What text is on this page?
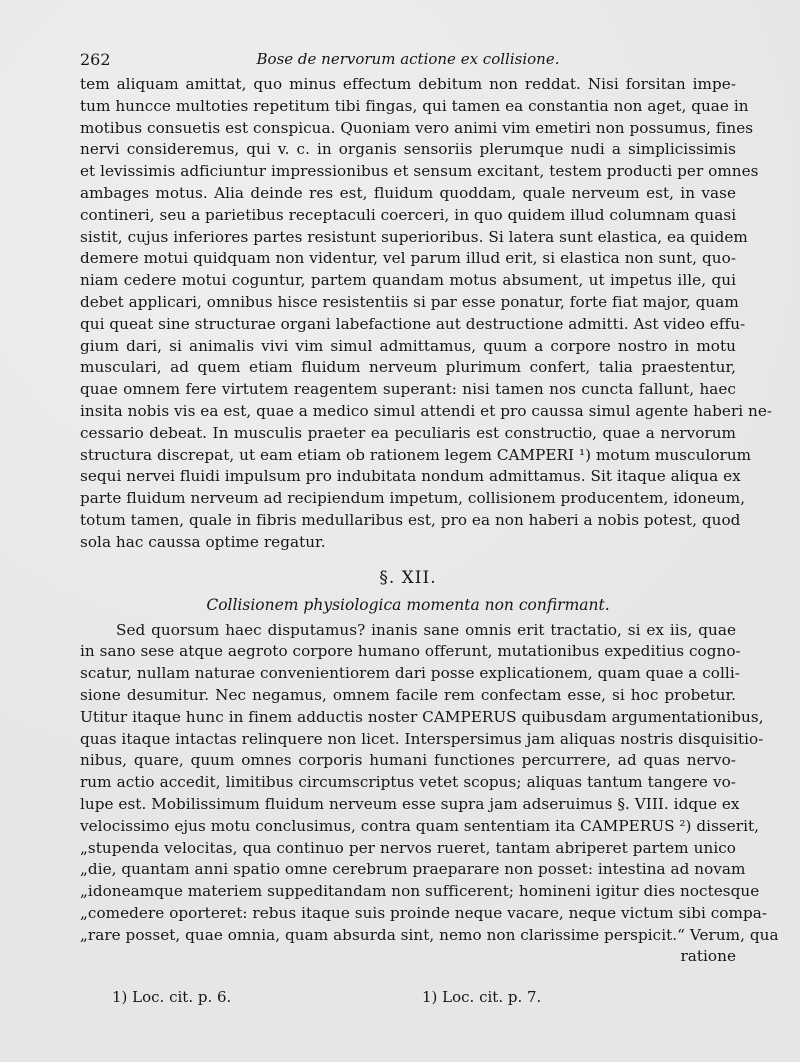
262	Bose de nervorum actione ex collisione.
tem aliquam amittat, quo minus effectum debitum non reddat. Nisi forsitan impe-
tum huncce multoties repetitum tibi fingas, qui tamen ea constantia non aget, quae in
motibus consuetis est conspicua. Quoniam vero animi vim emetiri non possumus, fines
nervi consideremus, qui v. c. in organis sensoriis plerumque nudi a simplicissimis
et levissimis adficiuntur impressionibus et sensum excitant, testem producti per omnes
ambages motus. Alia deinde res est, fluidum quoddam, quale nerveum est, in vase
contineri, seu a parietibus receptaculi coerceri, in quo quidem illud columnam quasi
sistit, cujus inferiores partes resistunt superioribus. Si latera sunt elastica, ea quidem
demere motui quidquam non videntur, vel parum illud erit, si elastica non sunt, quo-
niam cedere motui coguntur, partem quandam motus absument, ut impetus ille, qui
debet applicari, omnibus hisce resistentiis si par esse ponatur, forte fiat major, quam
qui queat sine structurae organi labefactione aut destructione admitti. Ast video effu-
gium dari, si animalis vivi vim simul admittamus, quum a corpore nostro in motu
musculari, ad quem etiam fluidum nerveum plurimum confert, talia praestentur,
quae omnem fere virtutem reagentem superant: nisi tamen nos cuncta fallunt, haec
insita nobis vis ea est, quae a medico simul attendi et pro caussa simul agente haberi ne-
cessario debeat. In musculis praeter ea peculiaris est constructio, quae a nervorum
structura discrepat, ut eam etiam ob rationem legem CAMPERI ¹) motum musculorum
sequi nervei fluidi impulsum pro indubitata nondum admittamus. Sit itaque aliqua ex
parte fluidum nerveum ad recipiendum impetum, collisionem producentem, idoneum,
totum tamen, quale in fibris medullaribus est, pro ea non haberi a nobis potest, quod
sola hac caussa optime regatur.
§. XII.
Collisionem physiologica momenta non confirmant.
Sed quorsum haec disputamus? inanis sane omnis erit tractatio, si ex iis, quae
in sano sese atque aegroto corpore humano offerunt, mutationibus expeditius cogno-
scatur, nullam naturae convenientiorem dari posse explicationem, quam quae a colli-
sione desumitur. Nec negamus, omnem facile rem confectam esse, si hoc probetur.
Utitur itaque hunc in finem adductis noster CAMPERUS quibusdam argumentationibus,
quas itaque intactas relinquere non licet. Interspersimus jam aliquas nostris disquisitio-
nibus, quare, quum omnes corporis humani functiones percurrere, ad quas nervo-
rum actio accedit, limitibus circumscriptus vetet scopus; aliquas tantum tangere vo-
lupe est. Mobilissimum fluidum nerveum esse supra jam adseruimus §. VIII. idque ex
velocissimo ejus motu conclusimus, contra quam sententiam ita CAMPERUS ²) disserit,
„stupenda velocitas, qua continuo per nervos rueret, tantam abriperet partem unico
„die, quantam anni spatio omne cerebrum praeparare non posset: intestina ad novam
„idoneamque materiem suppeditandam non sufficerent; homineni igitur dies noctesque
„comedere oporteret: rebus itaque suis proinde neque vacare, neque victum sibi compa-
„rare posset, quae omnia, quam absurda sint, nemo non clarissime perspicit.“ Verum, qua
ratione
1) Loc. cit. p. 6.	1) Loc. cit. p. 7.
